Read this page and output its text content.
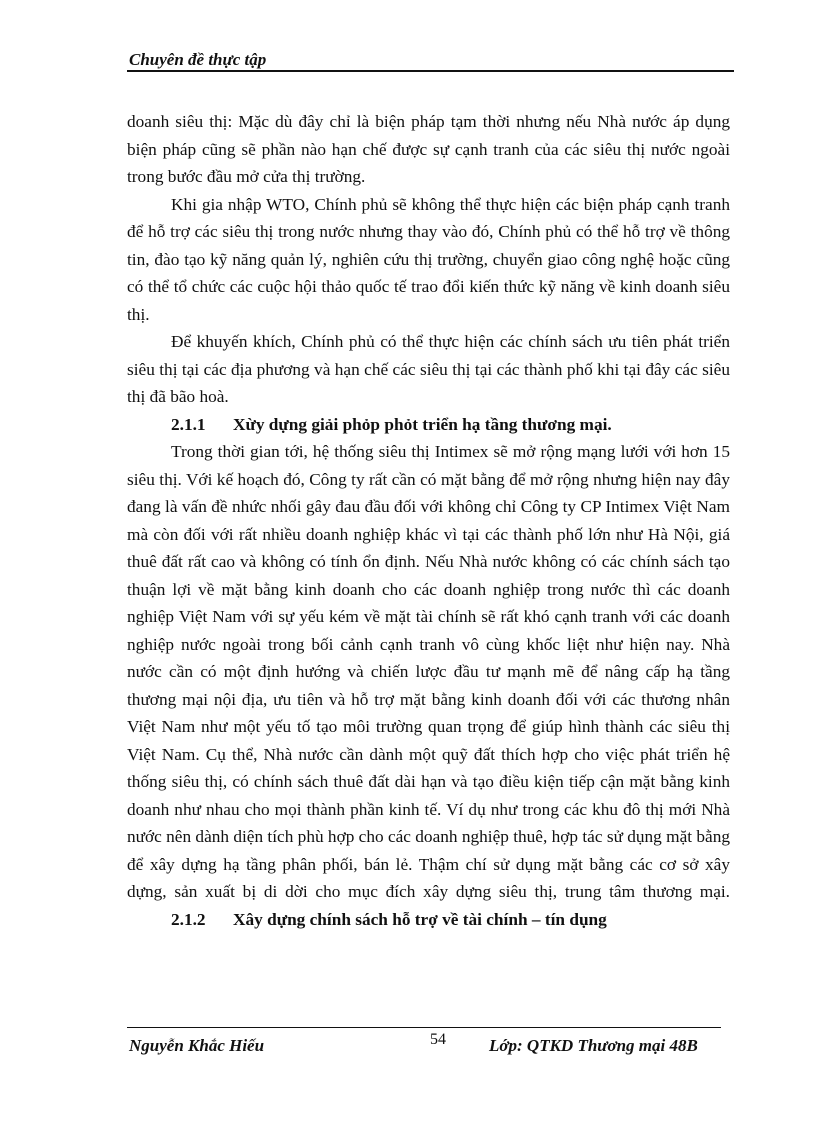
Chuyên đề thực tập

doanh siêu thị: Mặc dù đây chỉ là biện pháp tạm thời nhưng nếu Nhà nước áp dụng biện pháp cũng sẽ phần nào hạn chế được sự cạnh tranh của các siêu thị nước ngoài trong bước đầu mở cửa thị trường.

Khi gia nhập WTO, Chính phủ sẽ không thể thực hiện các biện pháp cạnh tranh để hỗ trợ các siêu thị trong nước nhưng thay vào đó, Chính phủ có thể hỗ trợ về thông tin, đào tạo kỹ năng quản lý, nghiên cứu thị trường, chuyển giao công nghệ hoặc cũng có thể tổ chức các cuộc hội thảo quốc tế trao đổi kiến thức kỹ năng về kinh doanh siêu thị.

Để khuyến khích, Chính phủ có thể thực hiện các chính sách ưu tiên phát triển siêu thị tại các địa phương và hạn chế các siêu thị tại các thành phố khi tại đây các siêu thị đã bão hoà.

2.1.1 Xừy dựng giải phỏp phỏt triển hạ tầng thương mại.

Trong thời gian tới, hệ thống siêu thị Intimex sẽ mở rộng mạng lưới với hơn 15 siêu thị. Với kế hoạch đó, Công ty rất cần có mặt bằng để mở rộng nhưng hiện nay đây đang là vấn đề nhức nhối gây đau đầu đối với không chỉ Công ty CP Intimex Việt Nam mà còn đối với rất nhiều doanh nghiệp khác vì tại các thành phố lớn như Hà Nội, giá thuê đất rất cao và không có tính ổn định. Nếu Nhà nước không có các chính sách tạo thuận lợi về mặt bằng kinh doanh cho các doanh nghiệp trong nước thì các doanh nghiệp Việt Nam với sự yếu kém về mặt tài chính sẽ rất khó cạnh tranh với các doanh nghiệp nước ngoài trong bối cảnh cạnh tranh vô cùng khốc liệt như hiện nay. Nhà nước cần có một định hướng và chiến lược đầu tư mạnh mẽ để nâng cấp hạ tầng thương mại nội địa, ưu tiên và hỗ trợ mặt bằng kinh doanh đối với các thương nhân Việt Nam như một yếu tố tạo môi trường quan trọng để giúp hình thành các siêu thị Việt Nam. Cụ thể, Nhà nước cần dành một quỹ đất thích hợp cho việc phát triển hệ thống siêu thị, có chính sách thuê đất dài hạn và tạo điều kiện tiếp cận mặt bằng kinh doanh như nhau cho mọi thành phần kinh tế. Ví dụ như trong các khu đô thị mới Nhà nước nên dành diện tích phù hợp cho các doanh nghiệp thuê, hợp tác sử dụng mặt bằng để xây dựng hạ tầng phân phối, bán lẻ. Thậm chí sử dụng mặt bằng các cơ sở xây dựng, sản xuất bị di dời cho mục đích xây dựng siêu thị, trung tâm thương mại.

2.1.2 Xây dựng chính sách hỗ trợ về tài chính – tín dụng
Nguyễn Khắc Hiếu	54	Lớp: QTKD Thương mại 48B
